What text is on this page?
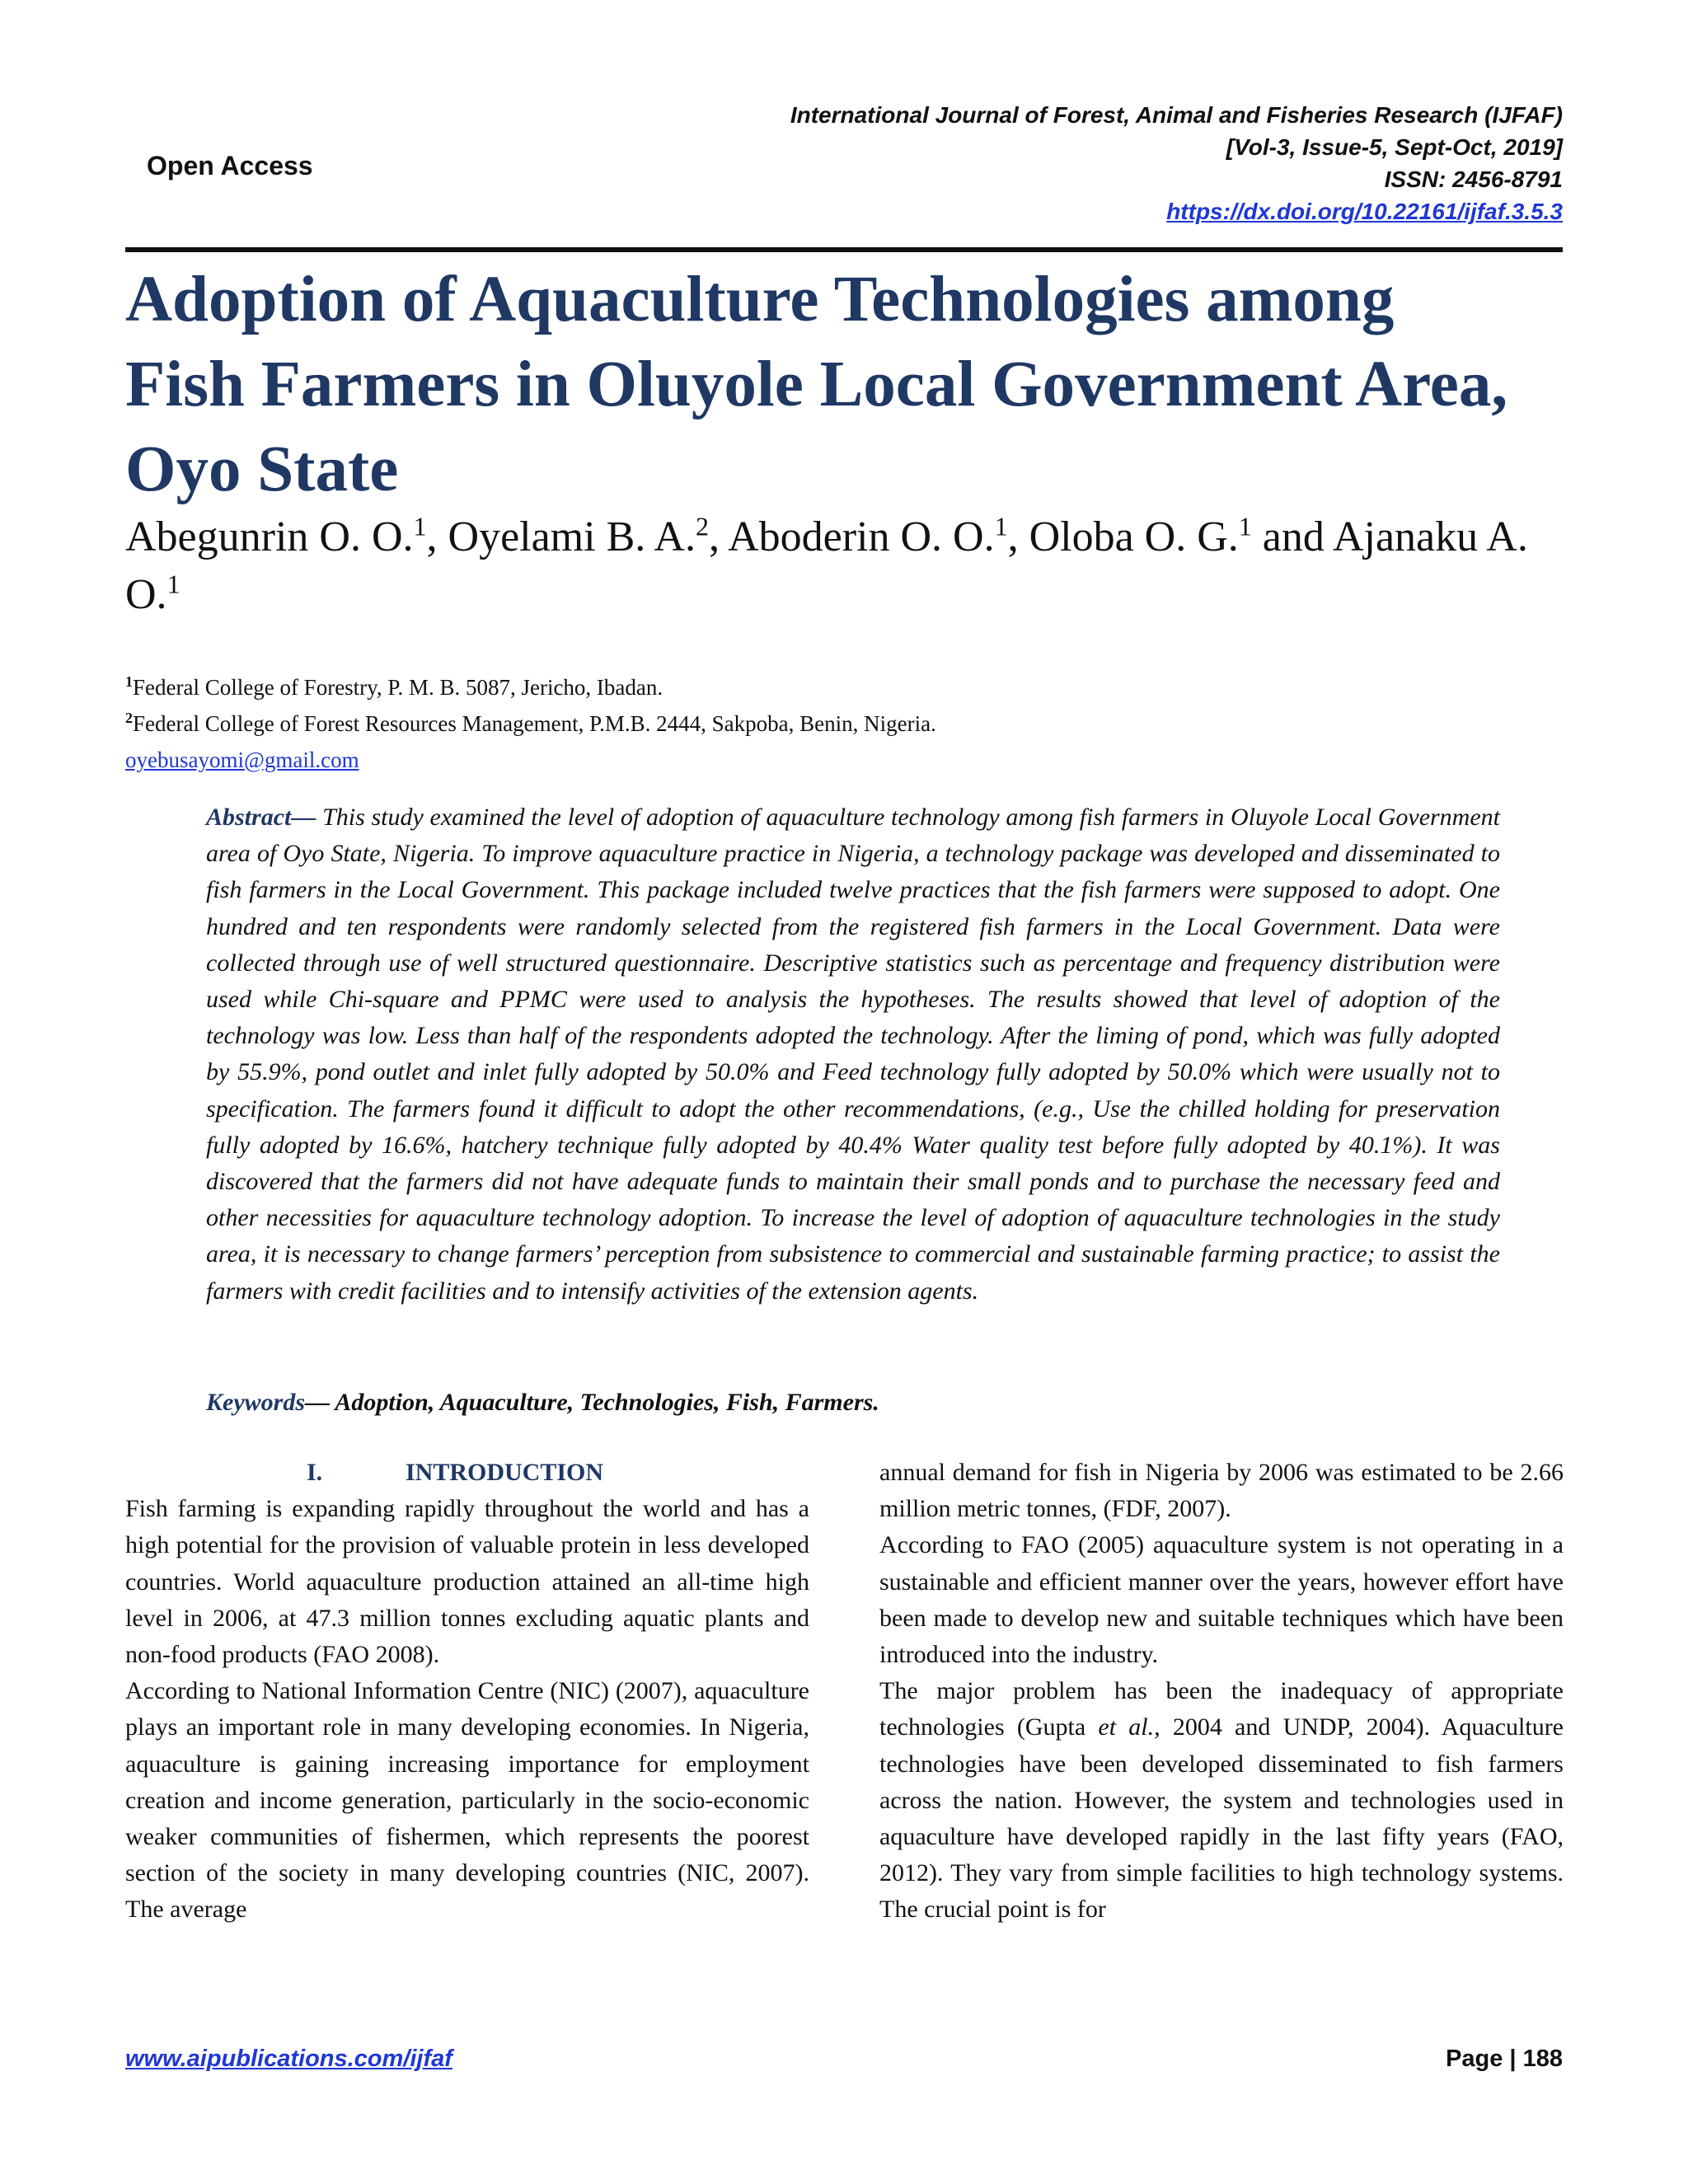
International Journal of Forest, Animal and Fisheries Research (IJFAF)
[Vol-3, Issue-5, Sept-Oct, 2019]
ISSN: 2456-8791
https://dx.doi.org/10.22161/ijfaf.3.5.3
Open Access
Adoption of Aquaculture Technologies among
Fish Farmers in Oluyole Local Government Area,
Oyo State
Abegunrin O. O.$^1$, Oyelami B. A.$^2$, Aboderin O. O.$^1$, Oloba O. G.$^1$ and Ajanaku A. O.$^1$
$^1$Federal College of Forestry, P. M. B. 5087, Jericho, Ibadan.
$^2$Federal College of Forest Resources Management, P.M.B. 2444, Sakpoba, Benin, Nigeria.
oyebusayomi@gmail.com
Abstract— This study examined the level of adoption of aquaculture technology among fish farmers in Oluyole Local Government area of Oyo State, Nigeria. To improve aquaculture practice in Nigeria, a technology package was developed and disseminated to fish farmers in the Local Government. This package included twelve practices that the fish farmers were supposed to adopt. One hundred and ten respondents were randomly selected from the registered fish farmers in the Local Government. Data were collected through use of well structured questionnaire. Descriptive statistics such as percentage and frequency distribution were used while Chi-square and PPMC were used to analysis the hypotheses. The results showed that level of adoption of the technology was low. Less than half of the respondents adopted the technology. After the liming of pond, which was fully adopted by 55.9%, pond outlet and inlet fully adopted by 50.0% and Feed technology fully adopted by 50.0% which were usually not to specification. The farmers found it difficult to adopt the other recommendations, (e.g., Use the chilled holding for preservation fully adopted by 16.6%, hatchery technique fully adopted by 40.4% Water quality test before fully adopted by 40.1%). It was discovered that the farmers did not have adequate funds to maintain their small ponds and to purchase the necessary feed and other necessities for aquaculture technology adoption. To increase the level of adoption of aquaculture technologies in the study area, it is necessary to change farmers’ perception from subsistence to commercial and sustainable farming practice; to assist the farmers with credit facilities and to intensify activities of the extension agents.
Keywords— Adoption, Aquaculture, Technologies, Fish, Farmers.
I.	INTRODUCTION

Fish farming is expanding rapidly throughout the world and has a high potential for the provision of valuable protein in less developed countries. World aquaculture production attained an all-time high level in 2006, at 47.3 million tonnes excluding aquatic plants and non-food products (FAO 2008).

According to National Information Centre (NIC) (2007), aquaculture plays an important role in many developing economies. In Nigeria, aquaculture is gaining increasing importance for employment creation and income generation, particularly in the socio-economic weaker communities of fishermen, which represents the poorest section of the society in many developing countries (NIC, 2007). The average

annual demand for fish in Nigeria by 2006 was estimated to be 2.66 million metric tonnes, (FDF, 2007).

According to FAO (2005) aquaculture system is not operating in a sustainable and efficient manner over the years, however effort have been made to develop new and suitable techniques which have been introduced into the industry.

The major problem has been the inadequacy of appropriate technologies (Gupta et al., 2004 and UNDP, 2004). Aquaculture technologies have been developed disseminated to fish farmers across the nation. However, the system and technologies used in aquaculture have developed rapidly in the last fifty years (FAO, 2012). They vary from simple facilities to high technology systems. The crucial point is for

www.aipublications.com/ijfaf	Page | 188
